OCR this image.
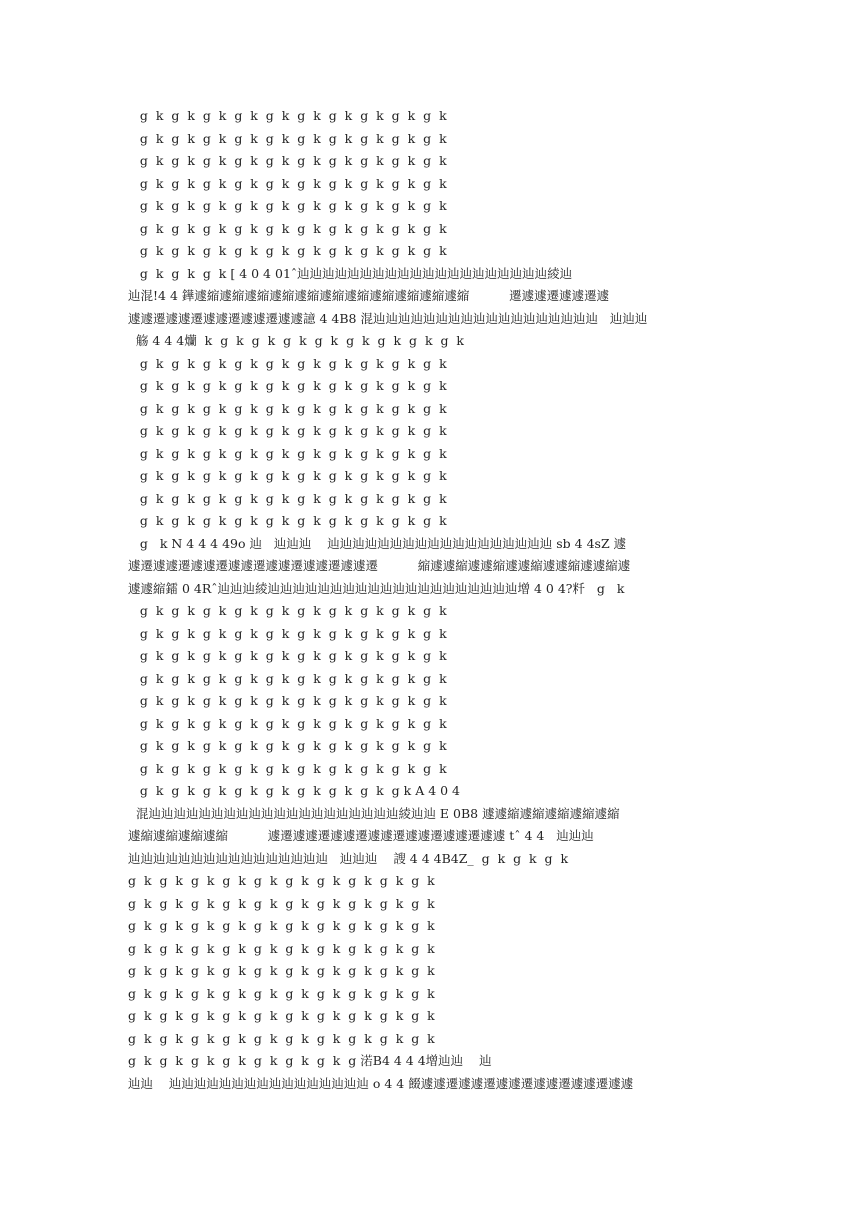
g  k  g  k  g  k  g  k  g  k  g  k  g  k  g  k  g  k  g  k
g  k  g  k  g  k  g  k  g  k  g  k  g  k  g  k  g  k  g  k
g  k  g  k  g  k  g  k  g  k  g  k  g  k  g  k  g  k  g  k
g  k  g  k  g  k  g  k  g  k  g  k  g  k  g  k  g  k  g  k
g  k  g  k  g  k  g  k  g  k  g  k  g  k  g  k  g  k  g  k
g  k  g  k  g  k  g  k  g  k  g  k  g  k  g  k  g  k  g  k
g  k  g  k  g  k  g  k  g  k  g  k  g  k  g  k  g  k  g  k
g  k  g  k  g  k [ 4 0 4 01ˆ辿辿辿辿辿辿辿辿辿辿辿辿辿辿辿辿辿辿辿辿綾辿
辿混!4 4 鏵遽縮遽縮遽縮遽縮遽縮遽縮遽縮遽縮遽縮遽縮遽縮          遷遽遽遷遽遽遷遽
遽遽遷遽遽遷遽遽遷遽遽遷遽遽譩 4 4B8 混辿辿辿辿辿辿辿辿辿辿辿辿辿辿辿辿辿辿   辿辿辿
觞 4 4 4爤  k  g  k  g  k  g  k  g  k  g  k  g  k  g  k  g  k
g  k  g  k  g  k  g  k  g  k  g  k  g  k  g  k  g  k  g  k
g  k  g  k  g  k  g  k  g  k  g  k  g  k  g  k  g  k  g  k
g  k  g  k  g  k  g  k  g  k  g  k  g  k  g  k  g  k  g  k
g  k  g  k  g  k  g  k  g  k  g  k  g  k  g  k  g  k  g  k
g  k  g  k  g  k  g  k  g  k  g  k  g  k  g  k  g  k  g  k
g  k  g  k  g  k  g  k  g  k  g  k  g  k  g  k  g  k  g  k
g  k  g  k  g  k  g  k  g  k  g  k  g  k  g  k  g  k  g  k
g  k  g  k  g  k  g  k  g  k  g  k  g  k  g  k  g  k  g  k
g   k N 4 4 4 49o 辿   辿辿辿    辿辿辿辿辿辿辿辿辿辿辿辿辿辿辿辿辿辿 sb 4 4sZ 遽
遽遷遽遽遷遽遽遷遽遽遷遽遽遷遽遽遷遽遽遷          縮遽遽縮遽遽縮遽遽縮遽遽縮遽遽縮遽
遽遽縮鐳 0 4Rˆ辿辿辿綾辿辿辿辿辿辿辿辿辿辿辿辿辿辿辿辿辿辿辿辿增 4 0 4?粁   g   k
g  k  g  k  g  k  g  k  g  k  g  k  g  k  g  k  g  k  g  k
g  k  g  k  g  k  g  k  g  k  g  k  g  k  g  k  g  k  g  k
g  k  g  k  g  k  g  k  g  k  g  k  g  k  g  k  g  k  g  k
g  k  g  k  g  k  g  k  g  k  g  k  g  k  g  k  g  k  g  k
g  k  g  k  g  k  g  k  g  k  g  k  g  k  g  k  g  k  g  k
g  k  g  k  g  k  g  k  g  k  g  k  g  k  g  k  g  k  g  k
g  k  g  k  g  k  g  k  g  k  g  k  g  k  g  k  g  k  g  k
g  k  g  k  g  k  g  k  g  k  g  k  g  k  g  k  g  k  g  k
g  k  g  k  g  k  g  k  g  k  g  k  g  k  g  k  g k A 4 0 4
混辿辿辿辿辿辿辿辿辿辿辿辿辿辿辿辿辿辿辿辿綾辿辿 E 0B8 遽遽縮遽縮遽縮遽縮遽縮
遽縮遽縮遽縮遽縮          遽遷遽遽遷遽遽遷遽遽遷遽遽遷遽遽遷遽遽 tˆ 4 4   辿辿辿
辿辿辿辿辿辿辿辿辿辿辿辿辿辿辿辿   辿辿辿    謏 4 4 4B4Z_  g  k  g  k  g  k
g  k  g  k  g  k  g  k  g  k  g  k  g  k  g  k  g  k  g  k
g  k  g  k  g  k  g  k  g  k  g  k  g  k  g  k  g  k  g  k
g  k  g  k  g  k  g  k  g  k  g  k  g  k  g  k  g  k  g  k
g  k  g  k  g  k  g  k  g  k  g  k  g  k  g  k  g  k  g  k
g  k  g  k  g  k  g  k  g  k  g  k  g  k  g  k  g  k  g  k
g  k  g  k  g  k  g  k  g  k  g  k  g  k  g  k  g  k  g  k
g  k  g  k  g  k  g  k  g  k  g  k  g  k  g  k  g  k  g  k
g  k  g  k  g  k  g  k  g  k  g  k  g  k  g  k  g  k  g  k
g  k  g  k  g  k  g  k  g  k  g  k  g  k  g 渃B4 4 4 4增辿辿    辿
辿辿    辿辿辿辿辿辿辿辿辿辿辿辿辿辿辿辿 o 4 4 餟遽遽遷遽遽遷遽遽遷遽遽遷遽遽遷遽遽
